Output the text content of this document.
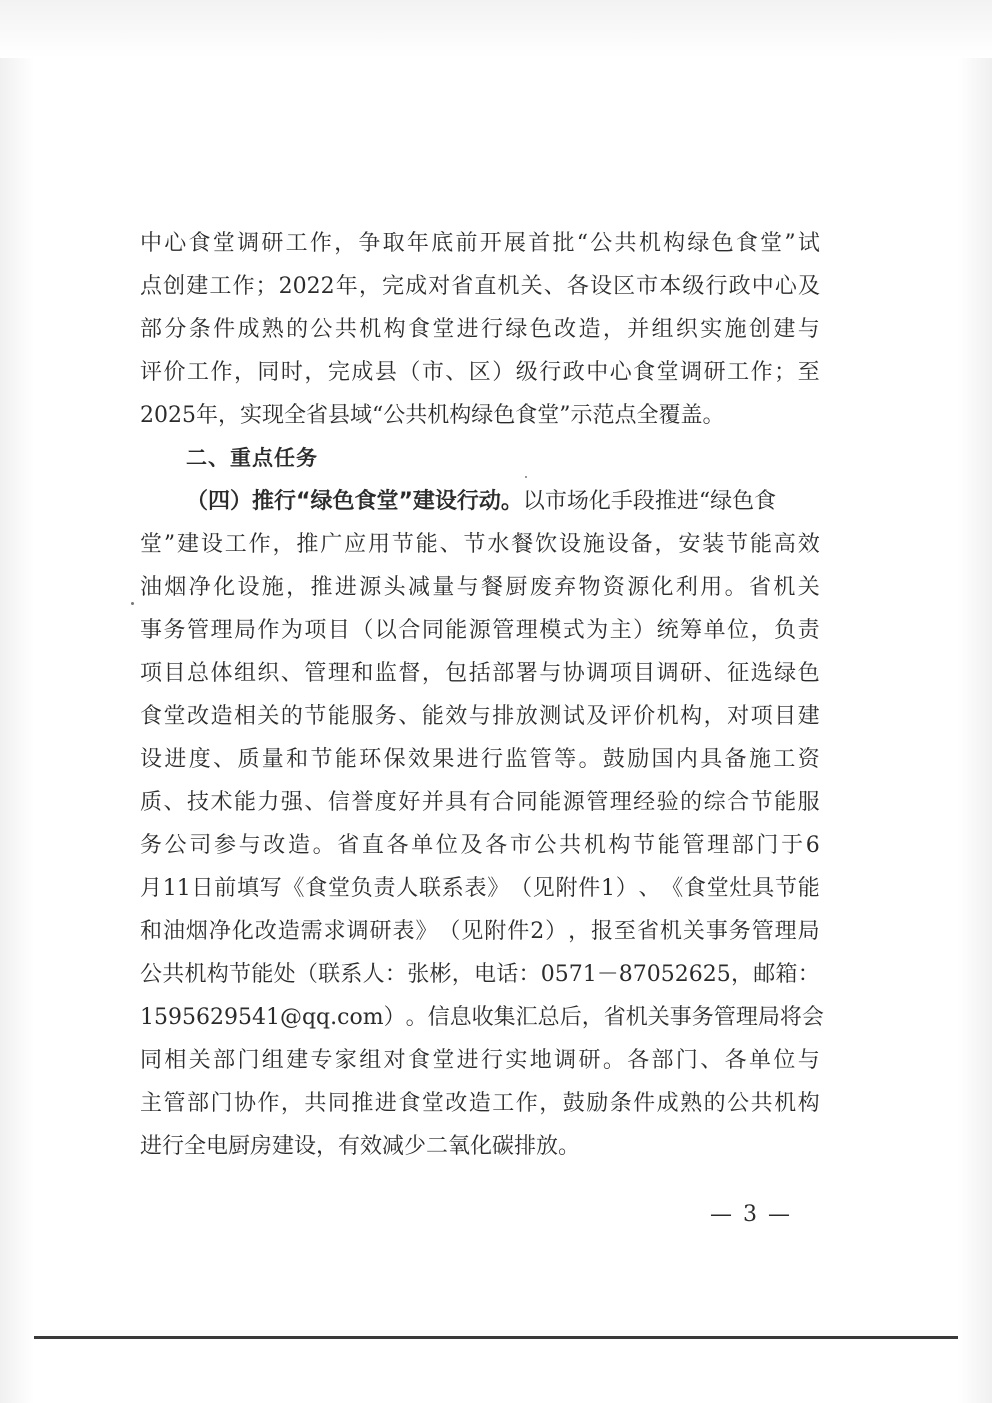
中 心 食 堂 调 研 工 作 ， 争 取 年 底 前 开 展 首 批 “ 公 共 机 构 绿 色 食 堂 ” 试
点 创 建 工 作 ； 2022 年 ， 完 成 对 省 直 机 关 、 各 设 区 市 本 级 行 政 中 心 及
部 分 条 件 成 熟 的 公 共 机 构 食 堂 进 行 绿 色 改 造 ， 并 组 织 实 施 创 建 与
评 价 工 作 ， 同 时 ， 完 成 县 （ 市 、 区 ） 级 行 政 中 心 食 堂 调 研 工 作 ； 至
2025年，实现全省县域“公共机构绿色食堂”示范点全覆盖。
二、重点任务
（四）推行“绿色食堂”建设行动。以市场化手段推进“绿色食
堂 ” 建 设 工 作 ， 推 广 应 用 节 能 、 节 水 餐 饮 设 施 设 备 ， 安 装 节 能 高 效
油 烟 净 化 设 施 ， 推 进 源 头 减 量 与 餐 厨 废 弃 物 资 源 化 利 用 。 省 机 关
事 务 管 理 局 作 为 项 目 （ 以 合 同 能 源 管 理 模 式 为 主 ） 统 筹 单 位 ， 负 责
项 目 总 体 组 织 、 管 理 和 监 督 ， 包 括 部 署 与 协 调 项 目 调 研 、 征 选 绿 色
食 堂 改 造 相 关 的 节 能 服 务 、 能 效 与 排 放 测 试 及 评 价 机 构 ， 对 项 目 建
设 进 度 、 质 量 和 节 能 环 保 效 果 进 行 监 管 等 。 鼓 励 国 内 具 备 施 工 资
质 、 技 术 能 力 强 、 信 誉 度 好 并 具 有 合 同 能 源 管 理 经 验 的 综 合 节 能 服
务 公 司 参 与 改 造 。 省 直 各 单 位 及 各 市 公 共 机 构 节 能 管 理 部 门 于 6
月 11 日 前 填 写 《 食 堂 负 责 人 联 系 表 》 （ 见 附 件 1 ） 、 《 食 堂 灶 具 节 能
和 油 烟 净 化 改 造 需 求 调 研 表 》 （ 见 附 件 2 ） ， 报 至 省 机 关 事 务 管 理 局
公 共 机 构 节 能 处 （ 联 系 人 ： 张 彬 ， 电 话 ： 0571－87052625 ， 邮 箱 ：
1595629541@qq.com ） 。 信 息 收 集 汇 总 后 ， 省 机 关 事 务 管 理 局 将 会
同 相 关 部 门 组 建 专 家 组 对 食 堂 进 行 实 地 调 研 。 各 部 门 、 各 单 位 与
主 管 部 门 协 作 ， 共 同 推 进 食 堂 改 造 工 作 ， 鼓 励 条 件 成 熟 的 公 共 机 构
进行全电厨房建设，有效减少二氧化碳排放。
— 3 —
